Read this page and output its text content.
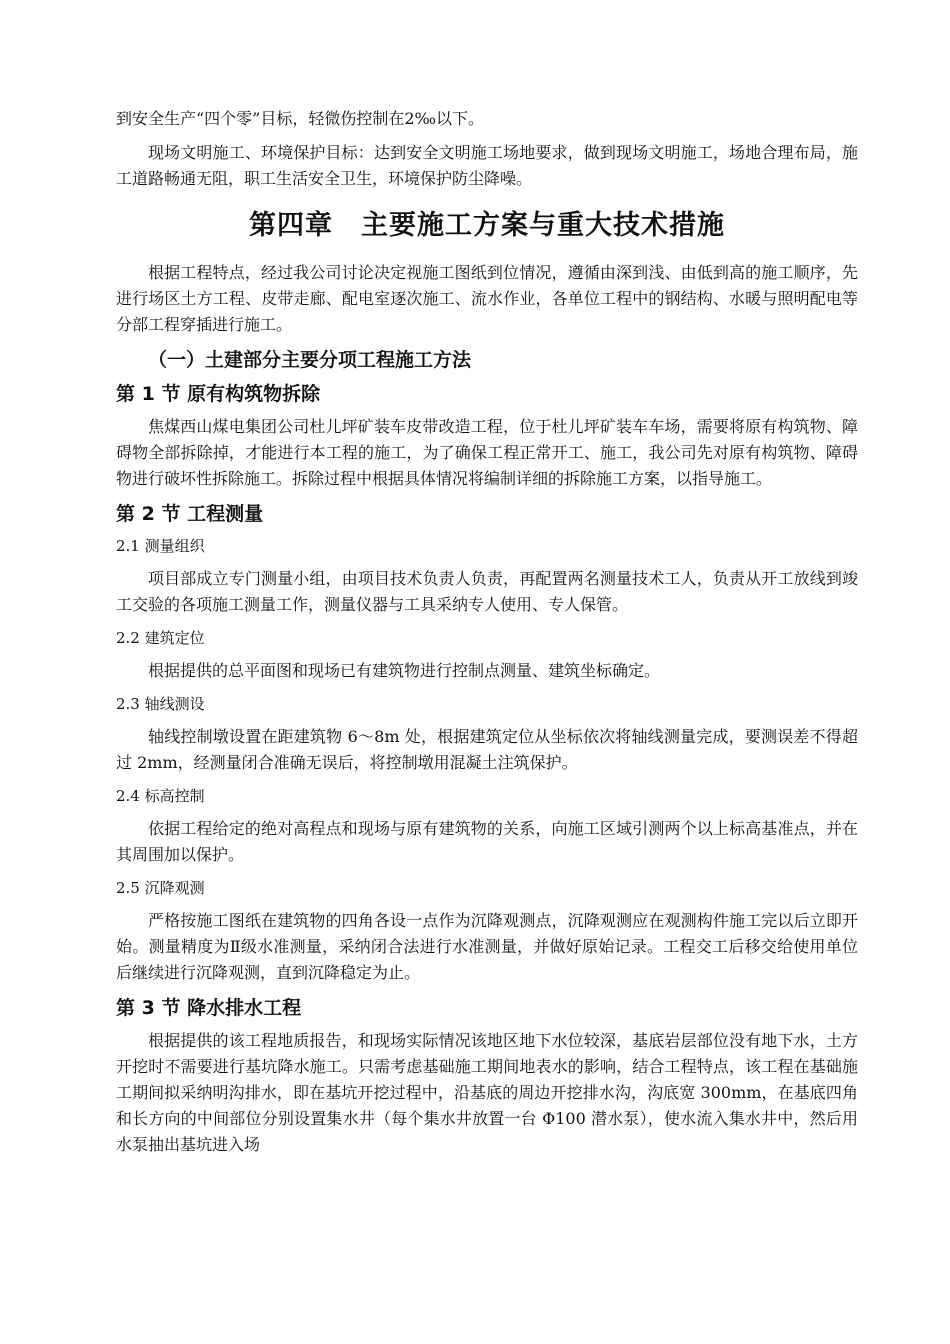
到安全生产“四个零”目标，轻微伤控制在2‰以下。

现场文明施工、环境保护目标：达到安全文明施工场地要求，做到现场文明施工，场地合理布局，施工道路畅通无阻，职工生活安全卫生，环境保护防尘降噪。

第四章　主要施工方案与重大技术措施

根据工程特点，经过我公司讨论决定视施工图纸到位情况，遵循由深到浅、由低到高的施工顺序，先进行场区土方工程、皮带走廊、配电室逐次施工、流水作业，各单位工程中的钢结构、水暖与照明配电等分部工程穿插进行施工。

（一）土建部分主要分项工程施工方法
第 1 节 原有构筑物拆除

焦煤西山煤电集团公司杜儿坪矿装车皮带改造工程，位于杜儿坪矿装车车场，需要将原有构筑物、障碍物全部拆除掉，才能进行本工程的施工，为了确保工程正常开工、施工，我公司先对原有构筑物、障碍物进行破坏性拆除施工。拆除过程中根据具体情况将编制详细的拆除施工方案，以指导施工。

第 2 节 工程测量

2.1 测量组织

项目部成立专门测量小组，由项目技术负责人负责，再配置两名测量技术工人，负责从开工放线到竣工交验的各项施工测量工作，测量仪器与工具采纳专人使用、专人保管。

2.2 建筑定位

根据提供的总平面图和现场已有建筑物进行控制点测量、建筑坐标确定。

2.3 轴线测设

轴线控制墩设置在距建筑物 6～8m 处，根据建筑定位从坐标依次将轴线测量完成，要测误差不得超过 2mm，经测量闭合准确无误后，将控制墩用混凝土注筑保护。

2.4 标高控制

依据工程给定的绝对高程点和现场与原有建筑物的关系，向施工区域引测两个以上标高基准点，并在其周围加以保护。

2.5 沉降观测

严格按施工图纸在建筑物的四角各设一点作为沉降观测点，沉降观测应在观测构件施工完以后立即开始。测量精度为Ⅱ级水准测量，采纳闭合法进行水准测量，并做好原始记录。工程交工后移交给使用单位后继续进行沉降观测，直到沉降稳定为止。

第 3 节 降水排水工程

根据提供的该工程地质报告，和现场实际情况该地区地下水位较深，基底岩层部位没有地下水，土方开挖时不需要进行基坑降水施工。只需考虑基础施工期间地表水的影响，结合工程特点，该工程在基础施工期间拟采纳明沟排水，即在基坑开挖过程中，沿基底的周边开挖排水沟，沟底宽 300mm，在基底四角和长方向的中间部位分别设置集水井（每个集水井放置一台 Φ100 潜水泵），使水流入集水井中，然后用水泵抽出基坑进入场
